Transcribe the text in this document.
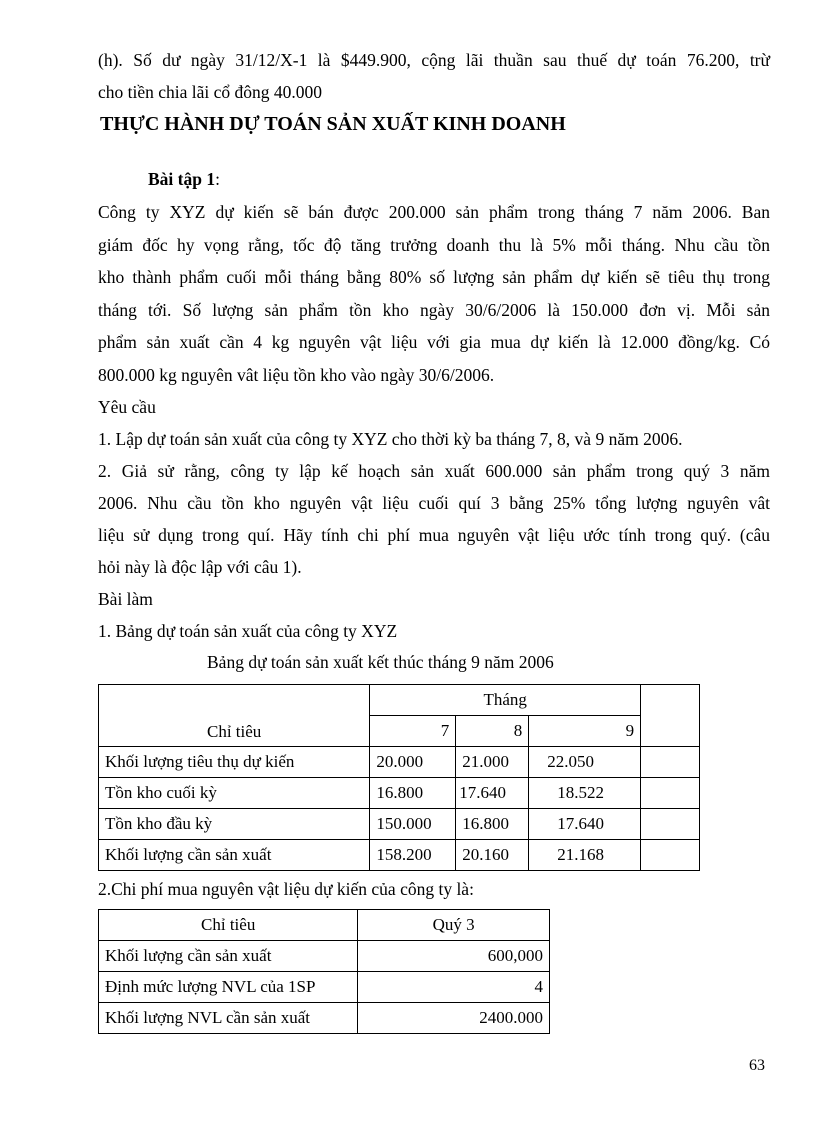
(h). Số dư ngày 31/12/X-1 là $449.900, cộng lãi thuần sau thuế dự toán 76.200, trừ
cho tiền chia lãi cổ đông 40.000
THỰC HÀNH DỰ TOÁN SẢN XUẤT KINH DOANH
Bài tập 1:
Công ty XYZ dự kiến sẽ bán được 200.000 sản phẩm trong tháng 7 năm 2006. Ban
giám đốc hy vọng rằng, tốc độ tăng trưởng doanh thu là 5% mỗi tháng. Nhu cầu tồn
kho thành phẩm cuối mỗi tháng bằng 80% số lượng sản phẩm dự kiến sẽ tiêu thụ trong
tháng tới. Số lượng sản phẩm tồn kho ngày 30/6/2006 là 150.000 đơn vị. Mỗi sản
phẩm sản xuất cần 4 kg nguyên vật liệu với gia mua dự kiến là 12.000 đồng/kg. Có
800.000 kg nguyên vât liệu tồn kho vào ngày 30/6/2006.
Yêu cầu
1. Lập dự toán sản xuất của công ty XYZ cho thời kỳ ba tháng 7, 8, và 9 năm 2006.
2. Giả sử rằng, công ty lập kế hoạch sản xuất 600.000 sản phẩm trong quý 3 năm
2006. Nhu cầu tồn kho nguyên vật liệu cuối quí 3 bằng 25% tổng lượng nguyên vât
liệu sử dụng trong quí. Hãy tính chi phí mua nguyên vật liệu ước tính trong quý. (câu
hỏi này là độc lập với câu 1).
Bài làm
1. Bảng dự toán sản xuất của công ty XYZ
Bảng dự toán sản xuất kết thúc tháng 9 năm 2006
Chỉ tiêu	Tháng			
	7	8	9	
Khối lượng tiêu thụ dự kiến	20.000	21.000	22.050	
Tồn kho cuối kỳ	16.800	17.640	18.522	
Tồn kho đầu kỳ	150.000	16.800	17.640	
Khối lượng cần sản xuất	158.200	20.160	21.168	
2.Chi phí mua nguyên vật liệu dự kiến của công ty là:
Chỉ tiêu	Quý 3
Khối lượng cần sản xuất	600,000
Định mức lượng NVL của 1SP	4
Khối lượng NVL cần sản xuất	2400.000
63
